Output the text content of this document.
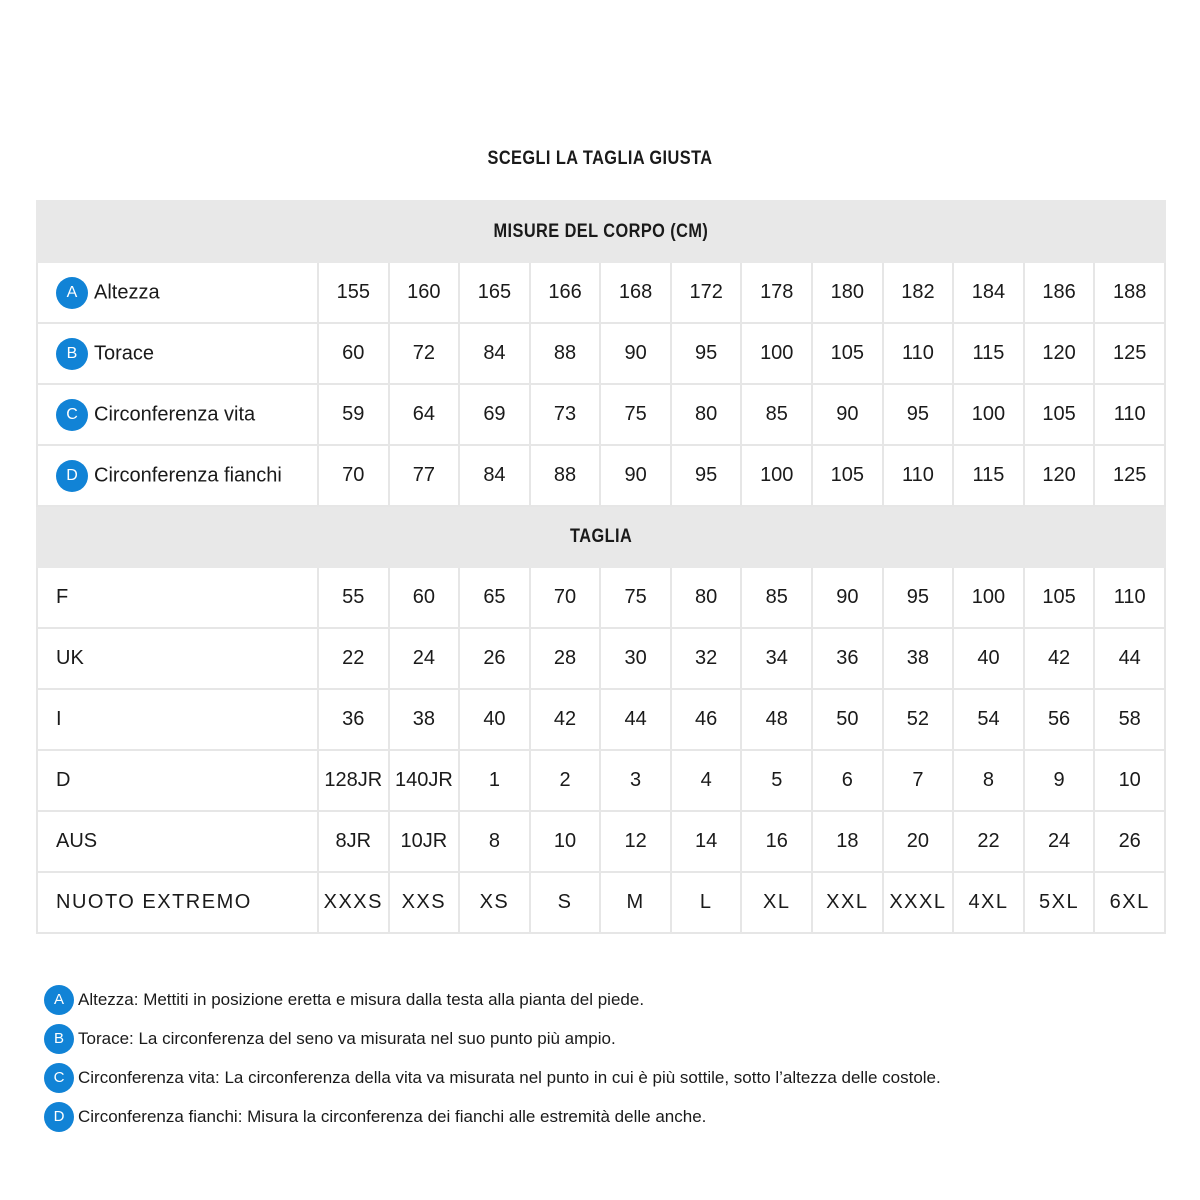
SCEGLI LA TAGLIA GIUSTA
MISURE DEL CORPO (CM)												
A Altezza	155	160	165	166	168	172	178	180	182	184	186	188
B Torace	60	72	84	88	90	95	100	105	110	115	120	125
C Circonferenza vita	59	64	69	73	75	80	85	90	95	100	105	110
D Circonferenza fianchi	70	77	84	88	90	95	100	105	110	115	120	125
TAGLIA												
F	55	60	65	70	75	80	85	90	95	100	105	110
UK	22	24	26	28	30	32	34	36	38	40	42	44
I	36	38	40	42	44	46	48	50	52	54	56	58
D	128JR	140JR	1	2	3	4	5	6	7	8	9	10
AUS	8JR	10JR	8	10	12	14	16	18	20	22	24	26
NUOTO EXTREMO	XXXS	XXS	XS	S	M	L	XL	XXL	XXXL	4XL	5XL	6XL
A Altezza: Mettiti in posizione eretta e misura dalla testa alla pianta del piede.
B Torace: La circonferenza del seno va misurata nel suo punto più ampio.
C Circonferenza vita: La circonferenza della vita va misurata nel punto in cui è più sottile, sotto l’altezza delle costole.
D Circonferenza fianchi: Misura la circonferenza dei fianchi alle estremità delle anche.
